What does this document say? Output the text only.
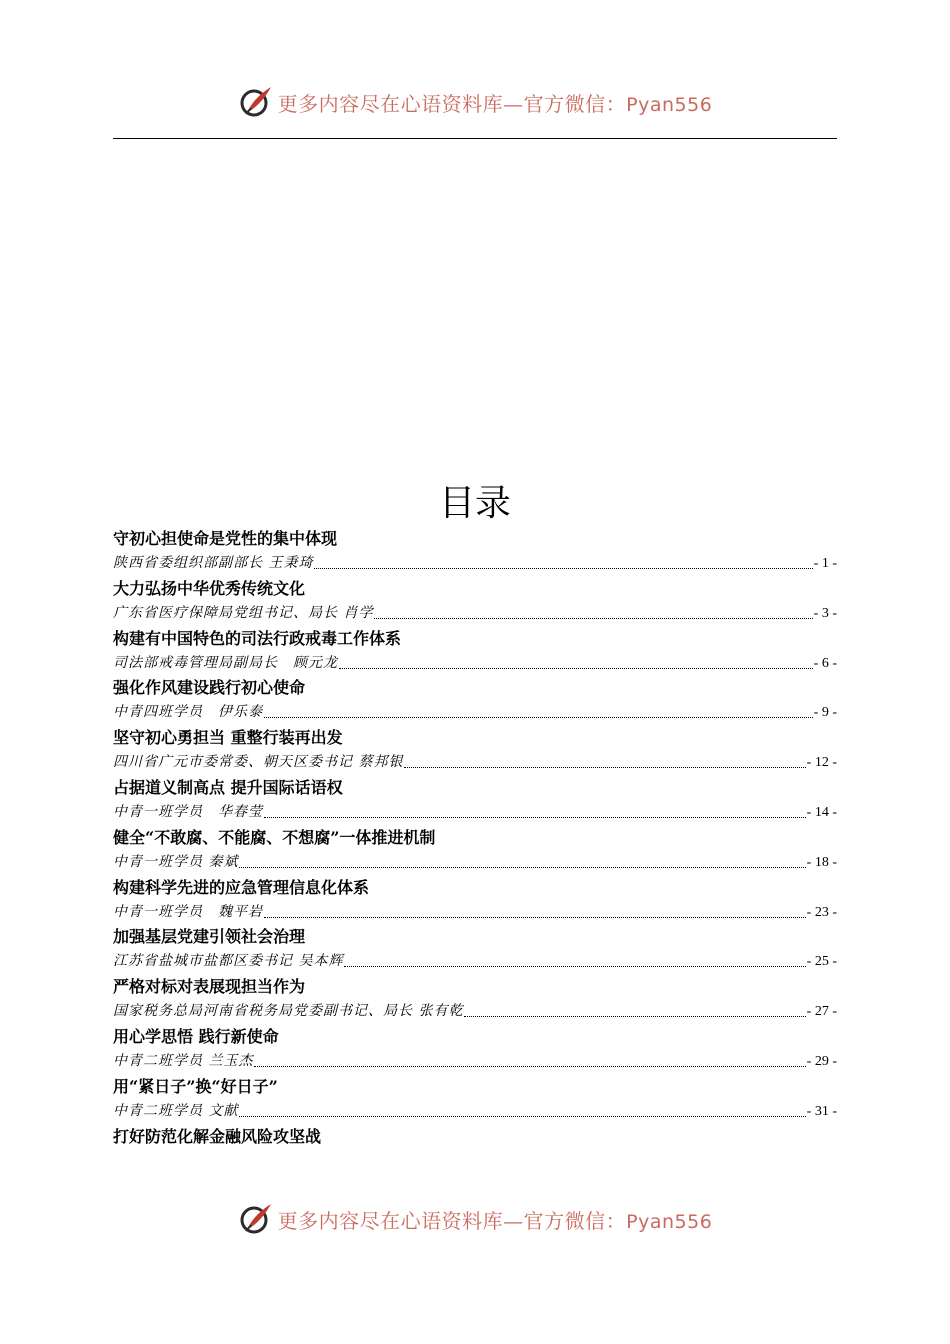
更多内容尽在心语资料库—官方微信：Pyan556
目录
守初心担使命是党性的集中体现
陕西省委组织部副部长 王秉琦	- 1 -
大力弘扬中华优秀传统文化
广东省医疗保障局党组书记、局长 肖学	- 3 -
构建有中国特色的司法行政戒毒工作体系
司法部戒毒管理局副局长　顾元龙	- 6 -
强化作风建设践行初心使命
中青四班学员　伊乐泰	- 9 -
坚守初心勇担当 重整行装再出发
四川省广元市委常委、朝天区委书记 蔡邦银	- 12 -
占据道义制高点 提升国际话语权
中青一班学员　华春莹	- 14 -
健全“不敢腐、不能腐、不想腐”一体推进机制
中青一班学员 秦斌	- 18 -
构建科学先进的应急管理信息化体系
中青一班学员　魏平岩	- 23 -
加强基层党建引领社会治理
江苏省盐城市盐都区委书记 吴本辉	- 25 -
严格对标对表展现担当作为
国家税务总局河南省税务局党委副书记、局长 张有乾	- 27 -
用心学思悟 践行新使命
中青二班学员 兰玉杰	- 29 -
用“紧日子”换“好日子”
中青二班学员 文献	- 31 -
打好防范化解金融风险攻坚战
更多内容尽在心语资料库—官方微信：Pyan556
